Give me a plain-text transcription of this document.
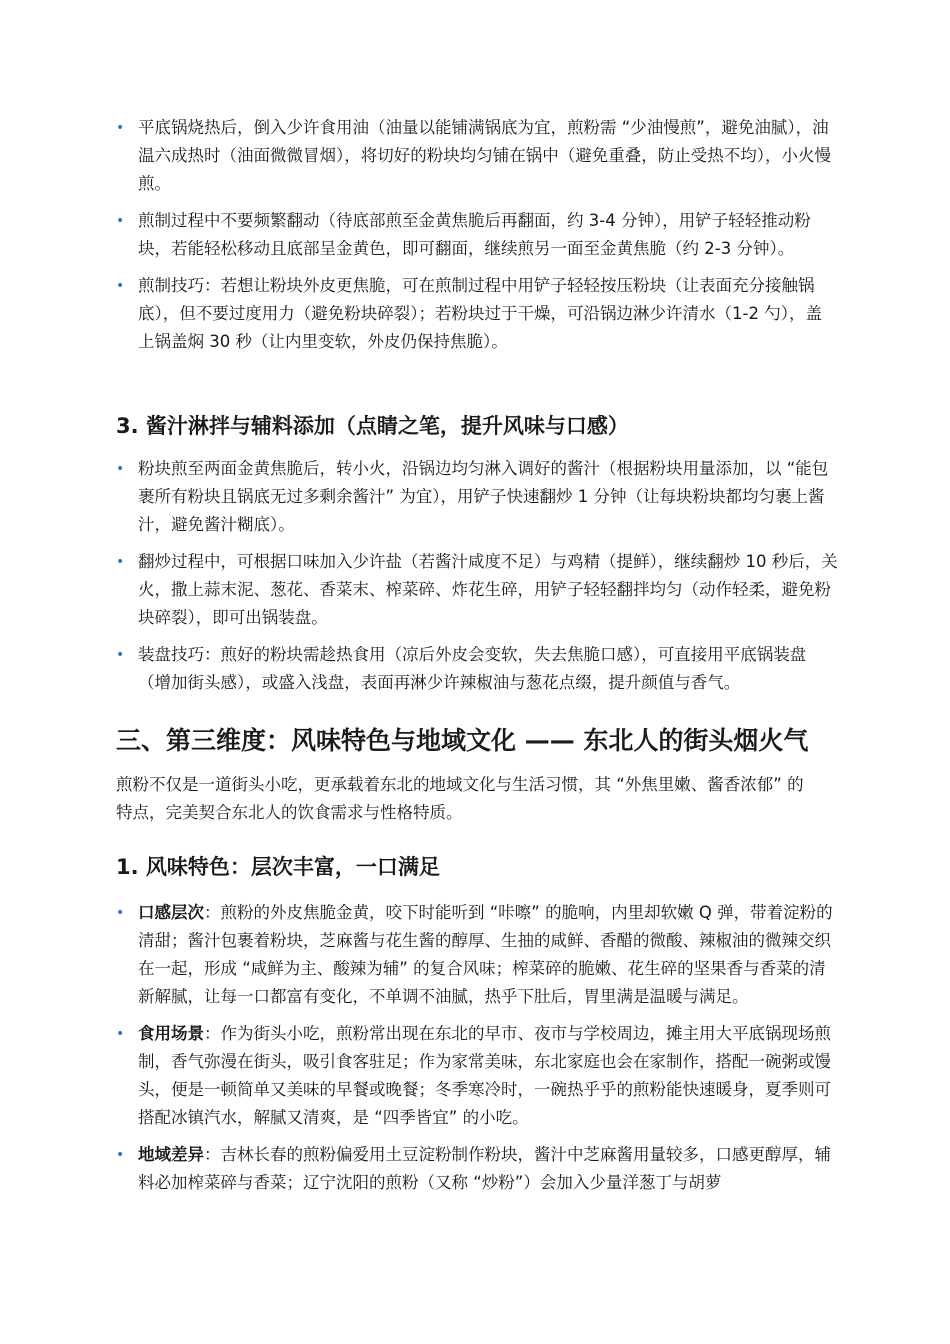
• 平底锅烧热后，倒入少许食用油（油量以能铺满锅底为宜，煎粉需 “少油慢煎”，避免油腻），油温六成热时（油面微微冒烟），将切好的粉块均匀铺在锅中（避免重叠，防止受热不均），小火慢煎。
• 煎制过程中不要频繁翻动（待底部煎至金黄焦脆后再翻面，约 3-4 分钟），用铲子轻轻推动粉块，若能轻松移动且底部呈金黄色，即可翻面，继续煎另一面至金黄焦脆（约 2-3 分钟）。
• 煎制技巧：若想让粉块外皮更焦脆，可在煎制过程中用铲子轻轻按压粉块（让表面充分接触锅底），但不要过度用力（避免粉块碎裂）；若粉块过于干燥，可沿锅边淋少许清水（1-2 勺），盖上锅盖焖 30 秒（让内里变软，外皮仍保持焦脆）。
3. 酱汁淋拌与辅料添加（点睛之笔，提升风味与口感）
• 粉块煎至两面金黄焦脆后，转小火，沿锅边均匀淋入调好的酱汁（根据粉块用量添加，以 “能包裹所有粉块且锅底无过多剩余酱汁” 为宜），用铲子快速翻炒 1 分钟（让每块粉块都均匀裹上酱汁，避免酱汁糊底）。
• 翻炒过程中，可根据口味加入少许盐（若酱汁咸度不足）与鸡精（提鲜），继续翻炒 10 秒后，关火，撒上蒜末泥、葱花、香菜末、榨菜碎、炸花生碎，用铲子轻轻翻拌均匀（动作轻柔，避免粉块碎裂），即可出锅装盘。
• 装盘技巧：煎好的粉块需趁热食用（凉后外皮会变软，失去焦脆口感），可直接用平底锅装盘（增加街头感），或盛入浅盘，表面再淋少许辣椒油与葱花点缀，提升颜值与香气。
三、第三维度：风味特色与地域文化 —— 东北人的街头烟火气

煎粉不仅是一道街头小吃，更承载着东北的地域文化与生活习惯，其 “外焦里嫩、酱香浓郁” 的特点，完美契合东北人的饮食需求与性格特质。

1. 风味特色：层次丰富，一口满足
• 口感层次：煎粉的外皮焦脆金黄，咬下时能听到 “咔嚓” 的脆响，内里却软嫩 Q 弹，带着淀粉的清甜；酱汁包裹着粉块，芝麻酱与花生酱的醇厚、生抽的咸鲜、香醋的微酸、辣椒油的微辣交织在一起，形成 “咸鲜为主、酸辣为辅” 的复合风味；榨菜碎的脆嫩、花生碎的坚果香与香菜的清新解腻，让每一口都富有变化，不单调不油腻，热乎下肚后，胃里满是温暖与满足。
• 食用场景：作为街头小吃，煎粉常出现在东北的早市、夜市与学校周边，摊主用大平底锅现场煎制，香气弥漫在街头，吸引食客驻足；作为家常美味，东北家庭也会在家制作，搭配一碗粥或馒头，便是一顿简单又美味的早餐或晚餐；冬季寒冷时，一碗热乎乎的煎粉能快速暖身，夏季则可搭配冰镇汽水，解腻又清爽，是 “四季皆宜” 的小吃。
• 地域差异：吉林长春的煎粉偏爱用土豆淀粉制作粉块，酱汁中芝麻酱用量较多，口感更醇厚，辅料必加榨菜碎与香菜；辽宁沈阳的煎粉（又称 “炒粉”）会加入少量洋葱丁与胡萝
